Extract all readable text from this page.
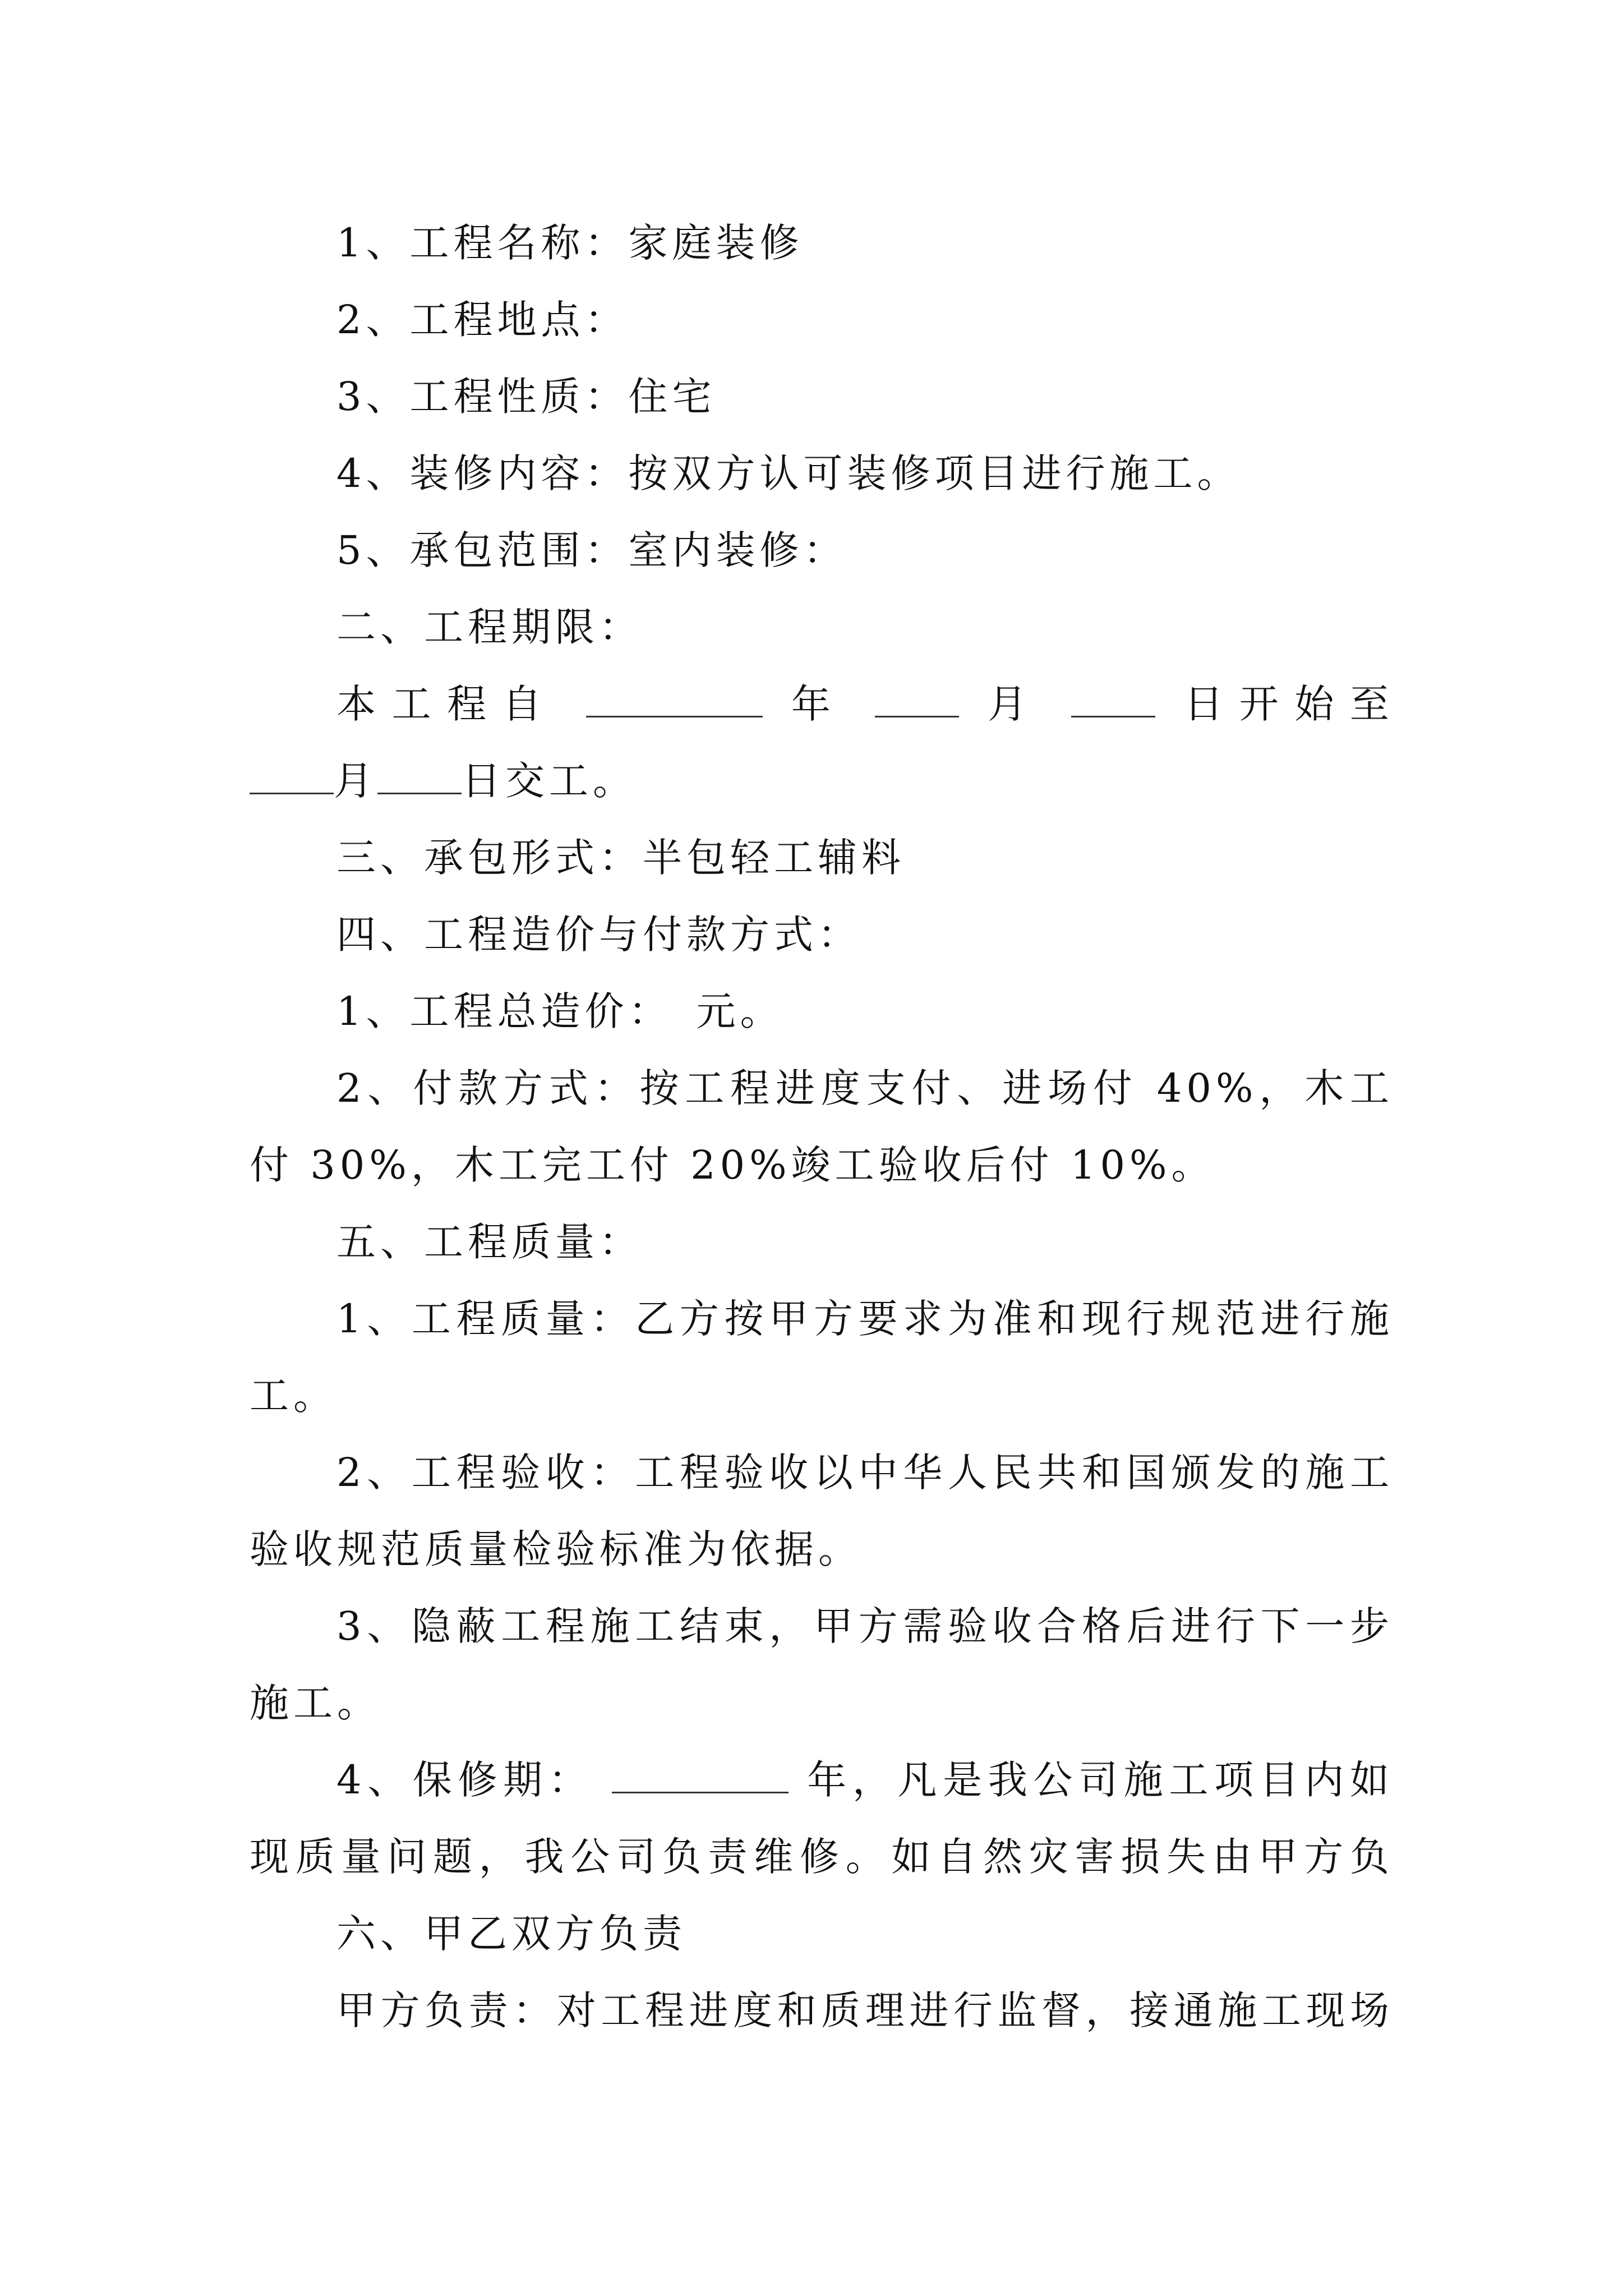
1、工程名称：家庭装修
2、工程地点：
3、工程性质：住宅
4、装修内容：按双方认可装修项目进行施工。
5、承包范围：室内装修：
二、工程期限：
本工程自	年	月	日开始至
月 日交工。
三、承包形式：半包轻工辅料
四、工程造价与付款方式：
1、工程总造价：　元。
2、付款方式：按工程进度支付、进场付 40%，木工
付 30%，木工完工付 20%竣工验收后付 10%。
五、工程质量：
1、工程质量：乙方按甲方要求为准和现行规范进行施
工。
2、工程验收：工程验收以中华人民共和国颁发的施工
验收规范质量检验标准为依据。
3、隐蔽工程施工结束，甲方需验收合格后进行下一步
施工。
4、保修期：	年，凡是我公司施工项目内如
现质量问题，我公司负责维修。如自然灾害损失由甲方负
六、甲乙双方负责
甲方负责：对工程进度和质理进行监督，接通施工现场
